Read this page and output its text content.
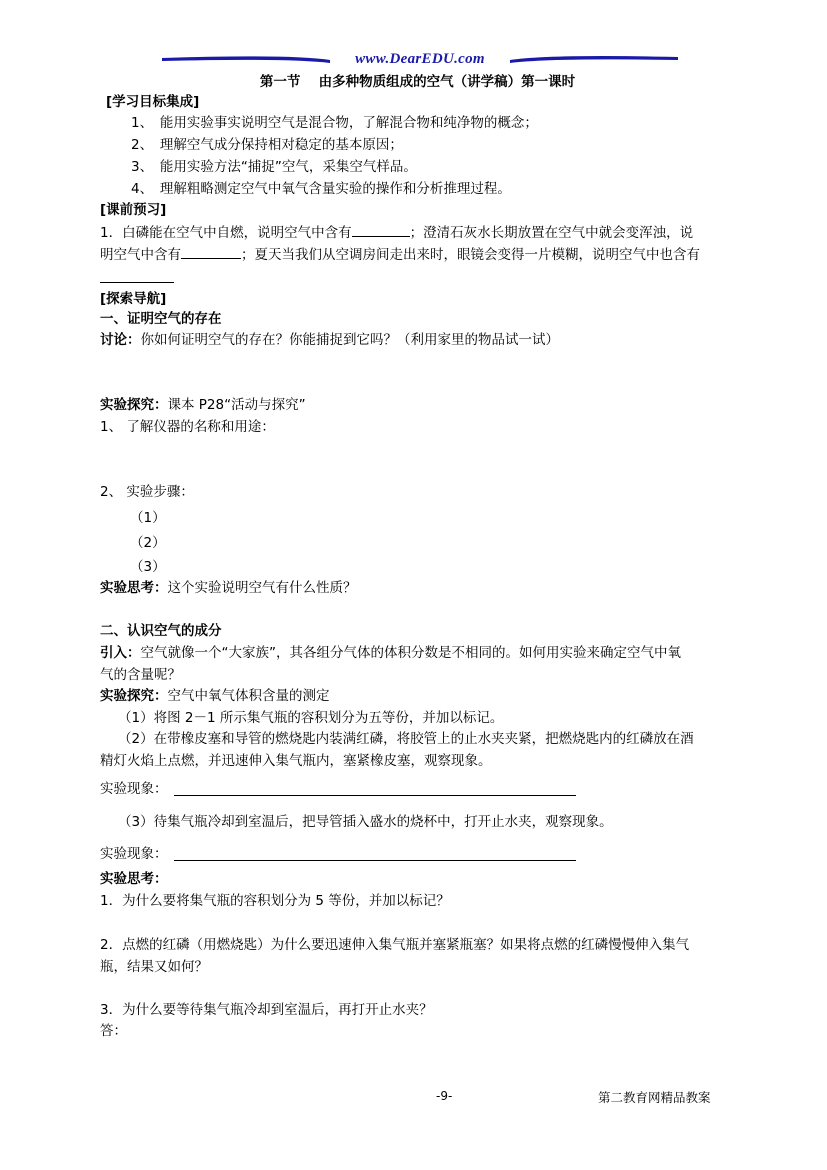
www.DearEDU.com
第一节　 由多种物质组成的空气（讲学稿）第一课时
[学习目标集成]
1、　能用实验事实说明空气是混合物，了解混合物和纯净物的概念；
2、　理解空气成分保持相对稳定的基本原因；
3、　能用实验方法“捕捉”空气，采集空气样品。
4、　理解粗略测定空气中氧气含量实验的操作和分析推理过程。
[课前预习]
1．白磷能在空气中自燃，说明空气中含有	；澄清石灰水长期放置在空气中就会变浑浊，说
明空气中含有	；夏天当我们从空调房间走出来时，眼镜会变得一片模糊，说明空气中也含有
[探索导航]
一、证明空气的存在
讨论：你如何证明空气的存在？你能捕捉到它吗？（利用家里的物品试一试）
实验探究：课本 P28“活动与探究”
1、 了解仪器的名称和用途：
2、 实验步骤：
（1）
（2）
（3）
实验思考：这个实验说明空气有什么性质？
二、认识空气的成分
引入：空气就像一个“大家族”，其各组分气体的体积分数是不相同的。如何用实验来确定空气中氧
气的含量呢？
实验探究：空气中氧气体积含量的测定
（1）将图 2－1 所示集气瓶的容积划分为五等份，并加以标记。
（2）在带橡皮塞和导管的燃烧匙内装满红磷，将胶管上的止水夹夹紧，把燃烧匙内的红磷放在酒
精灯火焰上点燃，并迅速伸入集气瓶内，塞紧橡皮塞，观察现象。
实验现象：
（3）待集气瓶冷却到室温后，把导管插入盛水的烧杯中，打开止水夹，观察现象。
实验现象：
实验思考：
1．为什么要将集气瓶的容积划分为 5 等份，并加以标记？
2．点燃的红磷（用燃烧匙）为什么要迅速伸入集气瓶并塞紧瓶塞？如果将点燃的红磷慢慢伸入集气
瓶，结果又如何？
3．为什么要等待集气瓶冷却到室温后，再打开止水夹？
答：
-9-	第二教育网精品教案
